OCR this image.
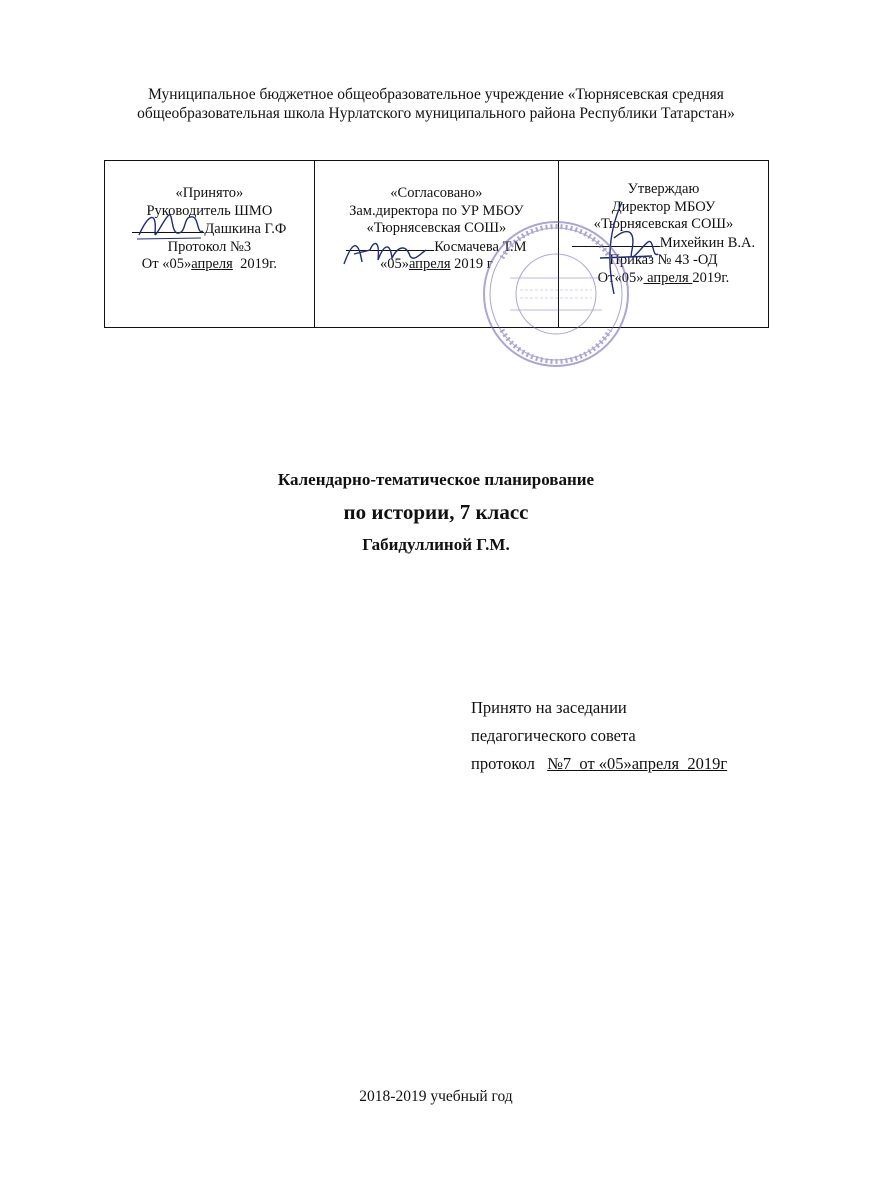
Муниципальное бюджетное общеобразовательное учреждение «Тюрнясевская средняя
общеобразовательная школа Нурлатского муниципального района Республики Татарстан»
«Принято»
Руководитель ШМО
Дашкина Г.Ф
Протокол №3
От «05»апреля  2019г.

«Согласовано»
Зам.директора по УР МБОУ
«Тюрнясевская СОШ»
Космачева Т.М
«05»апреля 2019 г

Утверждаю
Директор МБОУ
«Тюрнясевская СОШ»
Михейкин В.А.
Приказ № 43 -ОД
От«05» апреля 2019г.
Календарно-тематическое планирование
по истории, 7 класс
Габидуллиной Г.М.
Принято на заседании
педагогического совета
протокол   №7  от «05»апреля  2019г
2018-2019 учебный год
